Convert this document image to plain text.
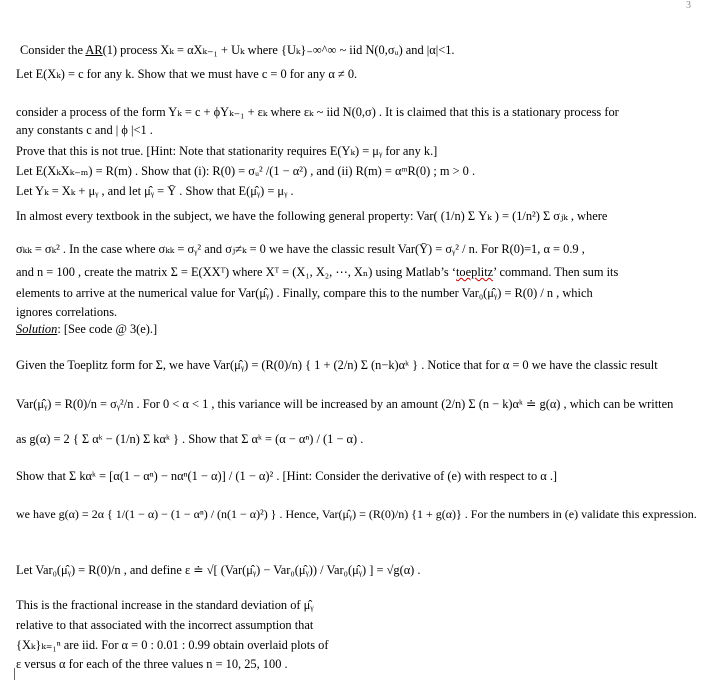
3
Consider the AR(1) process Xₖ = αXₖ₋₁ + Uₖ where {Uₖ}₋∞^∞ ~ iid N(0,σᵤ) and |α|<1.
Let E(Xₖ) = c for any k. Show that we must have c = 0 for any α ≠ 0.
consider a process of the form Yₖ = c + ϕYₖ₋₁ + εₖ where εₖ ~ iid N(0,σ) . It is claimed that this is a stationary process for
any constants c and | ϕ |<1 .
Prove that this is not true. [Hint: Note that stationarity requires E(Yₖ) = μᵧ for any k.]
Let E(XₖXₖ₋ₘ) = R(m) . Show that (i): R(0) = σᵤ² /(1 − α²) , and (ii) R(m) = αᵐR(0) ; m > 0 .
Let Yₖ = Xₖ + μᵧ , and let μ̂ᵧ = Ȳ . Show that E(μ̂ᵧ) = μᵧ .
In almost every textbook in the subject, we have the following general property: Var( (1/n) Σ Yₖ ) = (1/n²) Σ σⱼₖ , where
σₖₖ = σₖ² . In the case where σₖₖ = σᵧ² and σⱼ≠ₖ = 0 we have the classic result Var(Ȳ) = σᵧ² / n. For R(0)=1, α = 0.9 ,
and n = 100 , create the matrix Σ = E(XXᵀ) where Xᵀ = (X₁, X₂, ⋯, Xₙ) using Matlab’s ‘toeplitz’ command. Then sum its
elements to arrive at the numerical value for Var(μ̂ᵧ) . Finally, compare this to the number Var₀(μ̂ᵧ) = R(0) / n , which
ignores correlations.
Solution: [See code @ 3(e).]
Given the Toeplitz form for Σ, we have Var(μ̂ᵧ) = (R(0)/n) { 1 + (2/n) Σ (n−k)αᵏ } . Notice that for α = 0 we have the classic result
Var(μ̂ᵧ) = R(0)/n = σᵧ²/n . For 0 < α < 1 , this variance will be increased by an amount (2/n) Σ (n − k)αᵏ ≐ g(α) , which can be written
as g(α) = 2 { Σ αᵏ − (1/n) Σ kαᵏ } . Show that Σ αᵏ = (α − αⁿ) / (1 − α) .
Show that Σ kαᵏ = [α(1 − αⁿ) − nαⁿ(1 − α)] / (1 − α)² . [Hint: Consider the derivative of (e) with respect to α .]
we have g(α) = 2α { 1/(1 − α) − (1 − αⁿ) / (n(1 − α)²) } . Hence, Var(μ̂ᵧ) = (R(0)/n) {1 + g(α)} . For the numbers in (e) validate this expression.
Let Var₀(μ̂ᵧ) = R(0)/n , and define ε ≐ √[ (Var(μ̂ᵧ) − Var₀(μ̂ᵧ)) / Var₀(μ̂ᵧ) ] = √g(α) .
This is the fractional increase in the standard deviation of μ̂ᵧ
relative to that associated with the incorrect assumption that
{Xₖ}ₖ₌₁ⁿ are iid. For α = 0 : 0.01 : 0.99 obtain overlaid plots of
ε versus α for each of the three values n = 10, 25, 100 .
